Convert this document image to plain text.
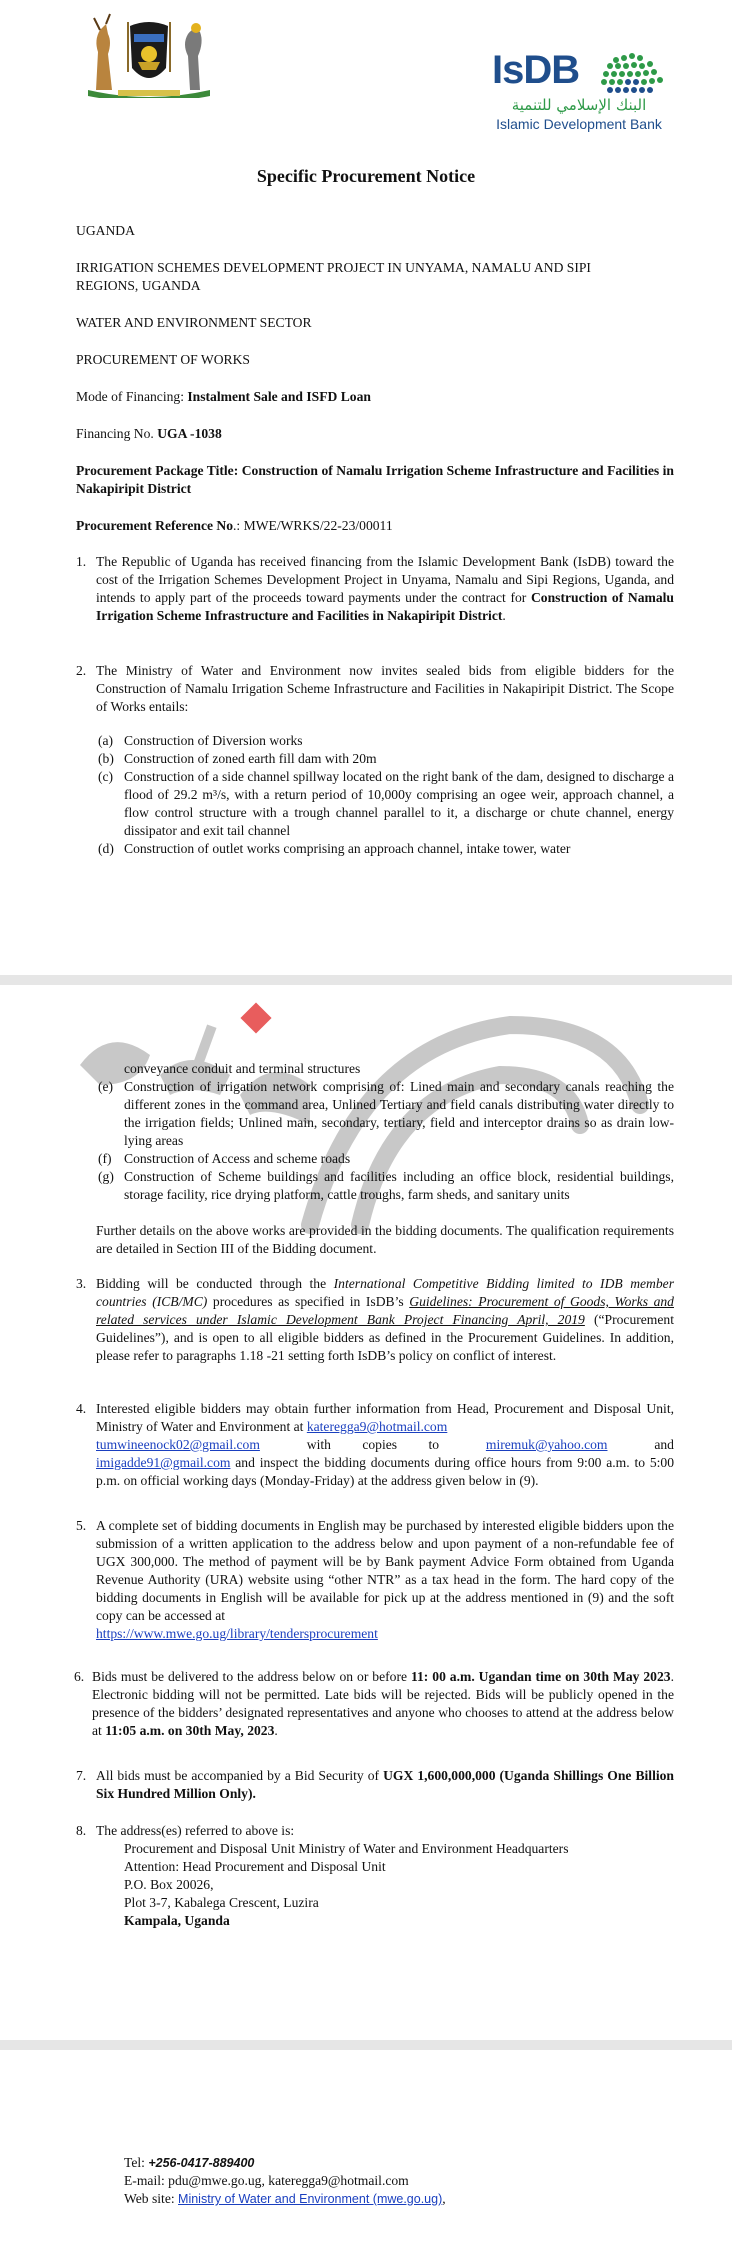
IsDB
البنك الإسلامي للتنمية
Islamic Development Bank
Specific Procurement Notice
UGANDA
IRRIGATION SCHEMES DEVELOPMENT PROJECT IN UNYAMA, NAMALU AND SIPI
REGIONS, UGANDA
WATER AND ENVIRONMENT SECTOR
PROCUREMENT OF WORKS
Mode of Financing: Instalment Sale and ISFD Loan
Financing No. UGA -1038
Procurement Package Title: Construction of Namalu Irrigation Scheme Infrastructure and Facilities in Nakapiripit District
Procurement Reference No.: MWE/WRKS/22-23/00011
1. The Republic of Uganda has received financing from the Islamic Development Bank (IsDB) toward the cost of the Irrigation Schemes Development Project in Unyama, Namalu and Sipi Regions, Uganda, and intends to apply part of the proceeds toward payments under the contract for Construction of Namalu Irrigation Scheme Infrastructure and Facilities in Nakapiripit District.
2. The Ministry of Water and Environment now invites sealed bids from eligible bidders for the Construction of Namalu Irrigation Scheme Infrastructure and Facilities in Nakapiripit District. The Scope of Works entails:
(a) Construction of Diversion works
(b) Construction of zoned earth fill dam with 20m
(c) Construction of a side channel spillway located on the right bank of the dam, designed to discharge a flood of 29.2 m³/s, with a return period of 10,000y comprising an ogee weir, approach channel, a flow control structure with a trough channel parallel to it, a discharge or chute channel, energy dissipator and exit tail channel
(d) Construction of outlet works comprising an approach channel, intake tower, water
conveyance conduit and terminal structures
(e) Construction of irrigation network comprising of: Lined main and secondary canals reaching the different zones in the command area, Unlined Tertiary and field canals distributing water directly to the irrigation fields; Unlined main, secondary, tertiary, field and interceptor drains so as drain low-lying areas
(f) Construction of Access and scheme roads
(g) Construction of Scheme buildings and facilities including an office block, residential buildings, storage facility, rice drying platform, cattle troughs, farm sheds, and sanitary units
Further details on the above works are provided in the bidding documents. The qualification requirements are detailed in Section III of the Bidding document.
3. Bidding will be conducted through the International Competitive Bidding limited to IDB member countries (ICB/MC) procedures as specified in IsDB’s Guidelines: Procurement of Goods, Works and related services under Islamic Development Bank Project Financing April, 2019 (“Procurement Guidelines”), and is open to all eligible bidders as defined in the Procurement Guidelines. In addition, please refer to paragraphs 1.18 -21 setting forth IsDB’s policy on conflict of interest.
4. Interested eligible bidders may obtain further information from Head, Procurement and Disposal Unit, Ministry of Water and Environment at kateregga9@hotmail.com
tumwineenock02@gmail.com	with copies to	miremuk@yahoo.com	and
imigadde91@gmail.com and inspect the bidding documents during office hours from 9:00 a.m. to 5:00 p.m. on official working days (Monday-Friday) at the address given below in (9).
5. A complete set of bidding documents in English may be purchased by interested eligible bidders upon the submission of a written application to the address below and upon payment of a non-refundable fee of UGX 300,000. The method of payment will be by Bank payment Advice Form obtained from Uganda Revenue Authority (URA) website using “other NTR” as a tax head in the form. The hard copy of the bidding documents in English will be available for pick up at the address mentioned in (9) and the soft copy can be accessed at
https://www.mwe.go.ug/library/tendersprocurement
6. Bids must be delivered to the address below on or before 11: 00 a.m. Ugandan time on 30th May 2023. Electronic bidding will not be permitted. Late bids will be rejected. Bids will be publicly opened in the presence of the bidders’ designated representatives and anyone who chooses to attend at the address below at 11:05 a.m. on 30th May, 2023.
7. All bids must be accompanied by a Bid Security of UGX 1,600,000,000 (Uganda Shillings One Billion Six Hundred Million Only).
8. The address(es) referred to above is:
Procurement and Disposal Unit Ministry of Water and Environment Headquarters
Attention: Head Procurement and Disposal Unit
P.O. Box 20026,
Plot 3-7, Kabalega Crescent, Luzira
Kampala, Uganda
Tel: +256-0417-889400
E-mail: pdu@mwe.go.ug, kateregga9@hotmail.com
Web site: Ministry of Water and Environment (mwe.go.ug),
